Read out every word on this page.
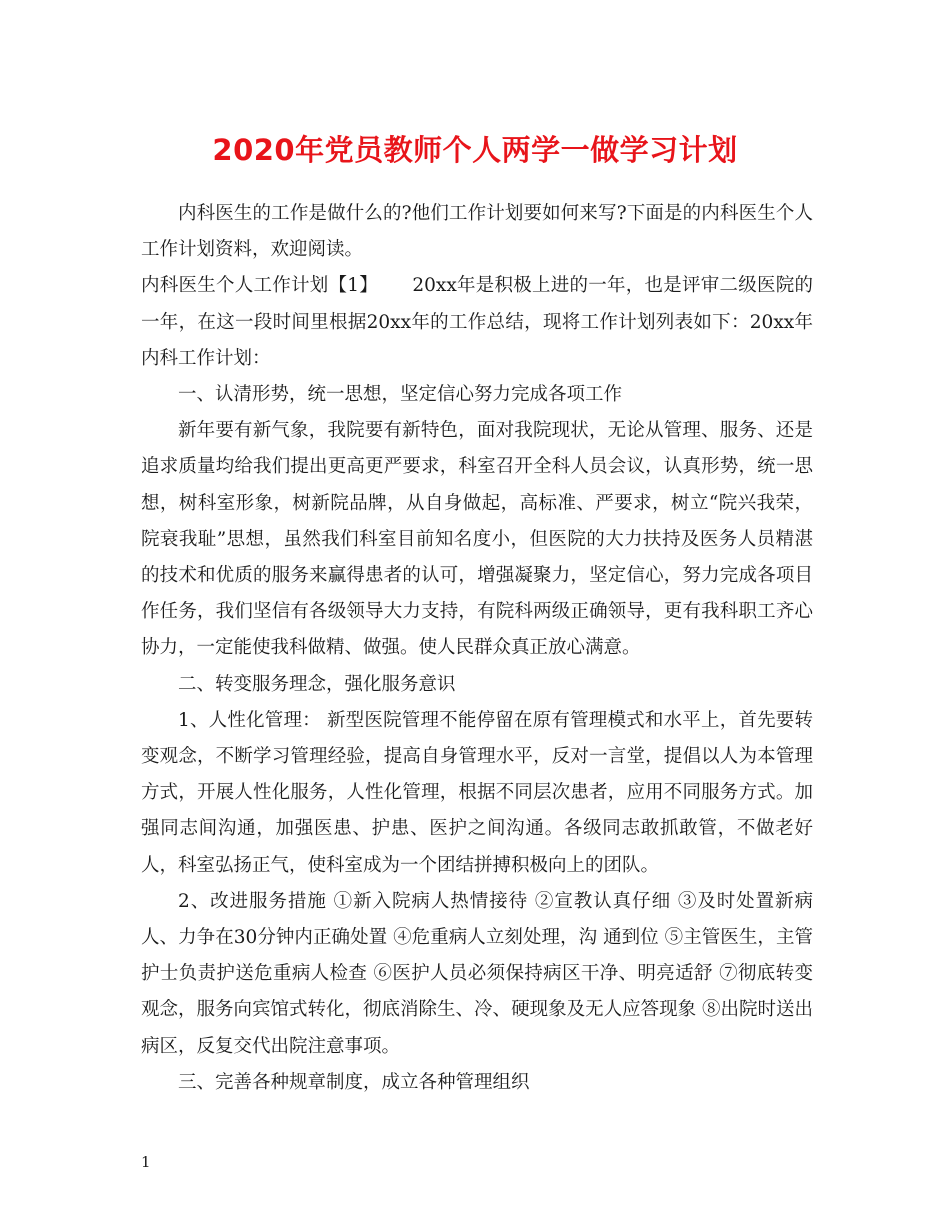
2020年党员教师个人两学一做学习计划

内科医生的工作是做什么的?他们工作计划要如何来写?下面是的内科医生个人工作计划资料，欢迎阅读。

内科医生个人工作计划【1】　　 20xx年是积极上进的一年，也是评审二级医院的一年，在这一段时间里根据20xx年的工作总结，现将工作计划列表如下：20xx年内科工作计划：

一、认清形势，统一思想，坚定信心努力完成各项工作

新年要有新气象，我院要有新特色，面对我院现状，无论从管理、服务、还是追求质量均给我们提出更高更严要求，科室召开全科人员会议，认真形势，统一思想，树科室形象，树新院品牌，从自身做起，高标准、严要求，树立“院兴我荣，院衰我耻”思想，虽然我们科室目前知名度小，但医院的大力扶持及医务人员精湛的技术和优质的服务来赢得患者的认可，增强凝聚力，坚定信心，努力完成各项目作任务，我们坚信有各级领导大力支持，有院科两级正确领导，更有我科职工齐心协力，一定能使我科做精、做强。使人民群众真正放心满意。

二、转变服务理念，强化服务意识

1、人性化管理： 新型医院管理不能停留在原有管理模式和水平上，首先要转变观念，不断学习管理经验，提高自身管理水平，反对一言堂，提倡以人为本管理方式，开展人性化服务，人性化管理，根据不同层次患者，应用不同服务方式。加强同志间沟通，加强医患、护患、医护之间沟通。各级同志敢抓敢管，不做老好人，科室弘扬正气，使科室成为一个团结拼搏积极向上的团队。

2、改进服务措施 ①新入院病人热情接待 ②宣教认真仔细 ③及时处置新病人、力争在30分钟内正确处置 ④危重病人立刻处理，沟 通到位 ⑤主管医生，主管护士负责护送危重病人检查 ⑥医护人员必须保持病区干净、明亮适舒 ⑦彻底转变观念，服务向宾馆式转化，彻底消除生、冷、硬现象及无人应答现象 ⑧出院时送出病区，反复交代出院注意事项。

三、完善各种规章制度，成立各种管理组织

1
